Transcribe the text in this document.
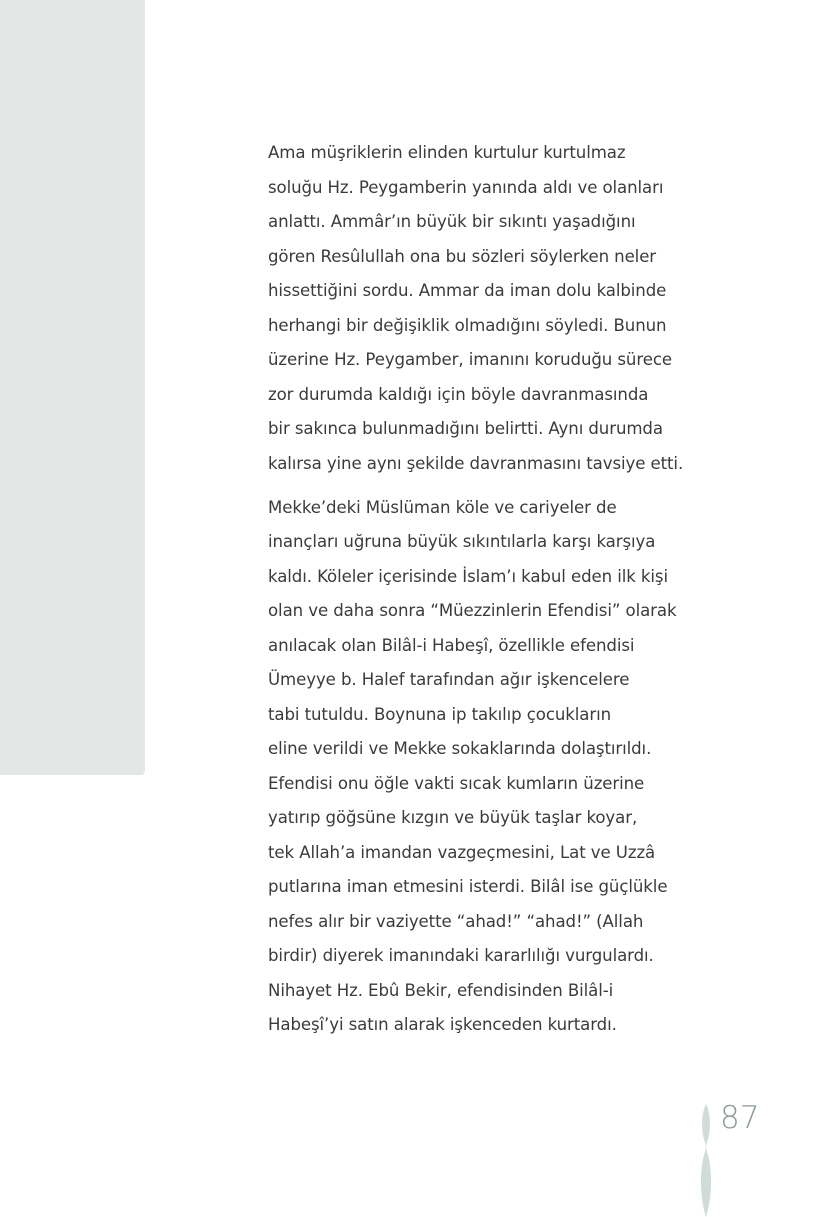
Ama müşriklerin elinden kurtulur kurtulmaz
soluğu Hz. Peygamberin yanında aldı ve olanları
anlattı. Ammâr’ın büyük bir sıkıntı yaşadığını
gören Resûlullah ona bu sözleri söylerken neler
hissettiğini sordu. Ammar da iman dolu kalbinde
herhangi bir değişiklik olmadığını söyledi. Bunun
üzerine Hz. Peygamber, imanını koruduğu sürece
zor durumda kaldığı için böyle davranmasında
bir sakınca bulunmadığını belirtti. Aynı durumda
kalırsa yine aynı şekilde davranmasını tavsiye etti.
Mekke’deki Müslüman köle ve cariyeler de
inançları uğruna büyük sıkıntılarla karşı karşıya
kaldı. Köleler içerisinde İslam’ı kabul eden ilk kişi
olan ve daha sonra “Müezzinlerin Efendisi” olarak
anılacak olan Bilâl-i Habeşî, özellikle efendisi
Ümeyye b. Halef tarafından ağır işkencelere
tabi tutuldu. Boynuna ip takılıp çocukların
eline verildi ve Mekke sokaklarında dolaştırıldı.
Efendisi onu öğle vakti sıcak kumların üzerine
yatırıp göğsüne kızgın ve büyük taşlar koyar,
tek Allah’a imandan vazgeçmesini, Lat ve Uzzâ
putlarına iman etmesini isterdi. Bilâl ise güçlükle
nefes alır bir vaziyette “ahad!” “ahad!” (Allah
birdir) diyerek imanındaki kararlılığı vurgulardı.
Nihayet Hz. Ebû Bekir, efendisinden Bilâl-i
Habeşî’yi satın alarak işkenceden kurtardı.
87
